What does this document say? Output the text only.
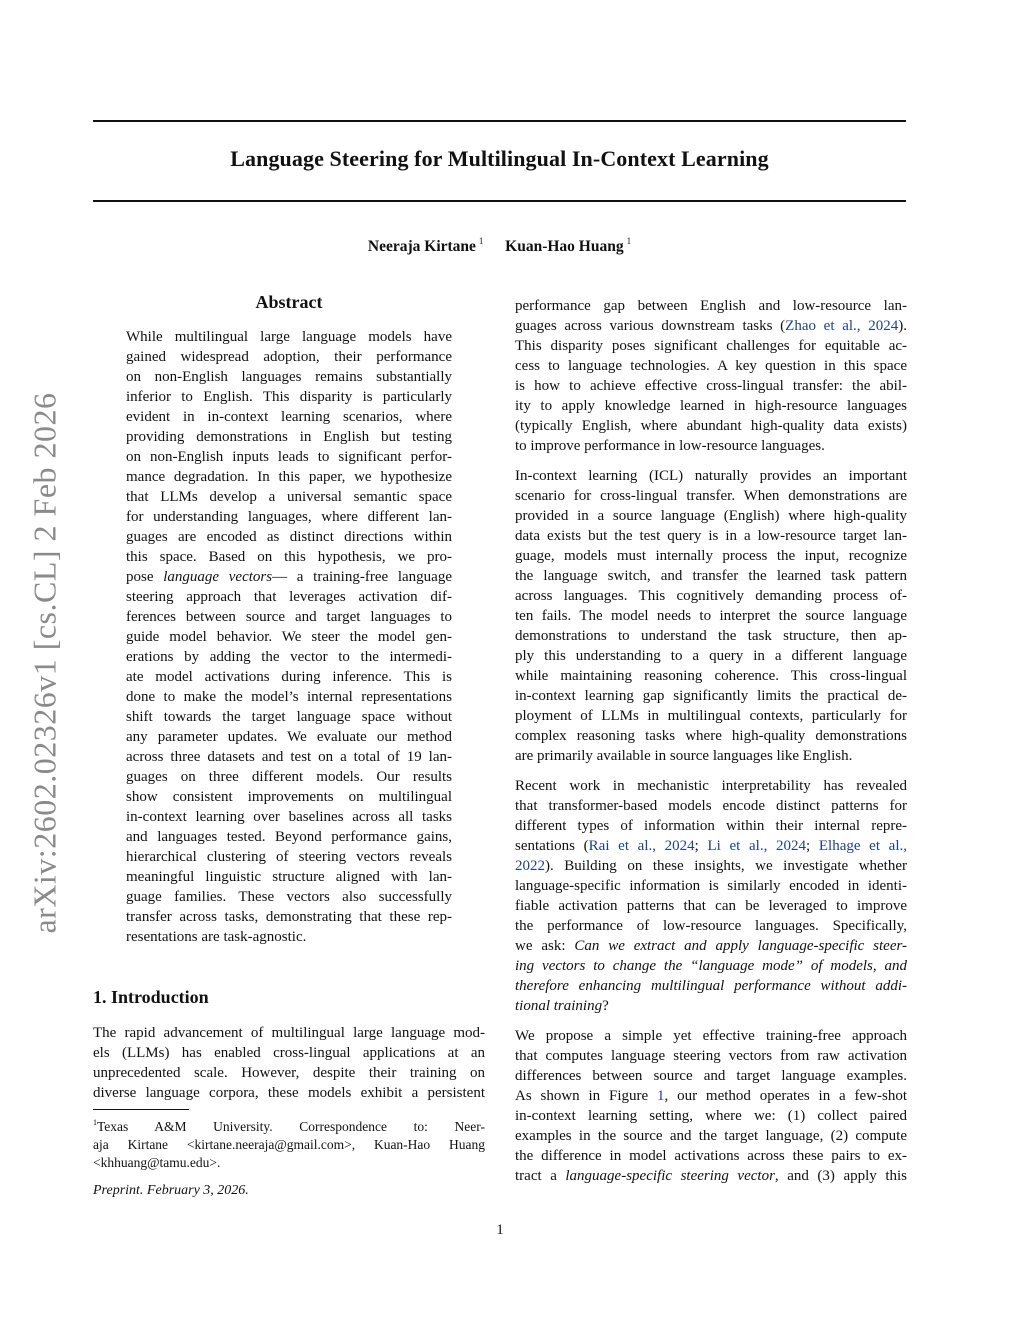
Language Steering for Multilingual In-Context Learning
Neeraja Kirtane $^1$ Kuan-Hao Huang $^1$
arXiv:2602.02326v1 [cs.CL] 2 Feb 2026
Abstract
While multilingual large language models have
gained widespread adoption, their performance
on non-English languages remains substantially
inferior to English. This disparity is particularly
evident in in-context learning scenarios, where
providing demonstrations in English but testing
on non-English inputs leads to significant perfor-
mance degradation. In this paper, we hypothesize
that LLMs develop a universal semantic space
for understanding languages, where different lan-
guages are encoded as distinct directions within
this space. Based on this hypothesis, we pro-
pose language vectors— a training-free language
steering approach that leverages activation dif-
ferences between source and target languages to
guide model behavior. We steer the model gen-
erations by adding the vector to the intermedi-
ate model activations during inference. This is
done to make the model’s internal representations
shift towards the target language space without
any parameter updates. We evaluate our method
across three datasets and test on a total of 19 lan-
guages on three different models. Our results
show consistent improvements on multilingual
in-context learning over baselines across all tasks
and languages tested. Beyond performance gains,
hierarchical clustering of steering vectors reveals
meaningful linguistic structure aligned with lan-
guage families. These vectors also successfully
transfer across tasks, demonstrating that these rep-
resentations are task-agnostic.
1. Introduction
The rapid advancement of multilingual large language mod-
els (LLMs) has enabled cross-lingual applications at an
unprecedented scale. However, despite their training on
diverse language corpora, these models exhibit a persistent
$^1$Texas A&M University. Correspondence to: Neer-
aja Kirtane <kirtane.neeraja@gmail.com>, Kuan-Hao Huang
<khhuang@tamu.edu>.
Preprint. February 3, 2026.
1
performance gap between English and low-resource lan-
guages across various downstream tasks (Zhao et al., 2024).
This disparity poses significant challenges for equitable ac-
cess to language technologies. A key question in this space
is how to achieve effective cross-lingual transfer: the abil-
ity to apply knowledge learned in high-resource languages
(typically English, where abundant high-quality data exists)
to improve performance in low-resource languages.
In-context learning (ICL) naturally provides an important
scenario for cross-lingual transfer. When demonstrations are
provided in a source language (English) where high-quality
data exists but the test query is in a low-resource target lan-
guage, models must internally process the input, recognize
the language switch, and transfer the learned task pattern
across languages. This cognitively demanding process of-
ten fails. The model needs to interpret the source language
demonstrations to understand the task structure, then ap-
ply this understanding to a query in a different language
while maintaining reasoning coherence. This cross-lingual
in-context learning gap significantly limits the practical de-
ployment of LLMs in multilingual contexts, particularly for
complex reasoning tasks where high-quality demonstrations
are primarily available in source languages like English.
Recent work in mechanistic interpretability has revealed
that transformer-based models encode distinct patterns for
different types of information within their internal repre-
sentations (Rai et al., 2024; Li et al., 2024; Elhage et al.,
2022). Building on these insights, we investigate whether
language-specific information is similarly encoded in identi-
fiable activation patterns that can be leveraged to improve
the performance of low-resource languages. Specifically,
we ask: Can we extract and apply language-specific steer-
ing vectors to change the “language mode” of models, and
therefore enhancing multilingual performance without addi-
tional training?
We propose a simple yet effective training-free approach
that computes language steering vectors from raw activation
differences between source and target language examples.
As shown in Figure 1, our method operates in a few-shot
in-context learning setting, where we: (1) collect paired
examples in the source and the target language, (2) compute
the difference in model activations across these pairs to ex-
tract a language-specific steering vector, and (3) apply this
